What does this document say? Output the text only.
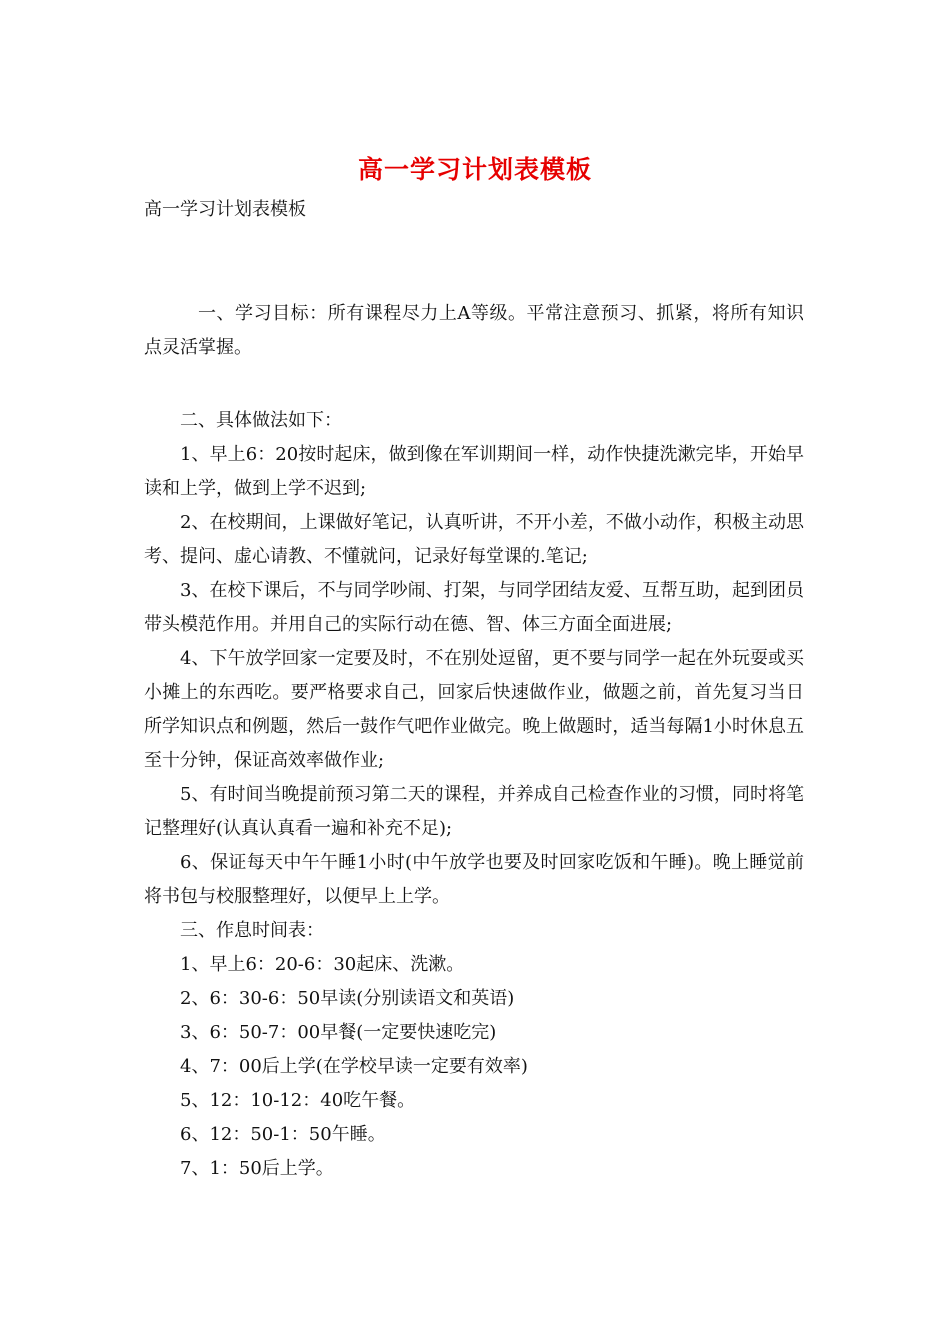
高一学习计划表模板
高一学习计划表模板

一、学习目标：所有课程尽力上A等级。平常注意预习、抓紧，将所有知识点灵活掌握。

二、具体做法如下：

1、早上6：20按时起床，做到像在军训期间一样，动作快捷洗漱完毕，开始早读和上学，做到上学不迟到;

2、在校期间，上课做好笔记，认真听讲，不开小差，不做小动作，积极主动思考、提问、虚心请教、不懂就问，记录好每堂课的.笔记;

3、在校下课后，不与同学吵闹、打架，与同学团结友爱、互帮互助，起到团员带头模范作用。并用自己的实际行动在德、智、体三方面全面进展;

4、下午放学回家一定要及时，不在别处逗留，更不要与同学一起在外玩耍或买小摊上的东西吃。要严格要求自己，回家后快速做作业，做题之前，首先复习当日所学知识点和例题，然后一鼓作气吧作业做完。晚上做题时，适当每隔1小时休息五至十分钟，保证高效率做作业;

5、有时间当晚提前预习第二天的课程，并养成自己检查作业的习惯，同时将笔记整理好(认真认真看一遍和补充不足);

6、保证每天中午午睡1小时(中午放学也要及时回家吃饭和午睡)。晚上睡觉前将书包与校服整理好，以便早上上学。

三、作息时间表：

1、早上6：20-6：30起床、洗漱。

2、6：30-6：50早读(分别读语文和英语)

3、6：50-7：00早餐(一定要快速吃完)

4、7：00后上学(在学校早读一定要有效率)

5、12：10-12：40吃午餐。

6、12：50-1：50午睡。

7、1：50后上学。
